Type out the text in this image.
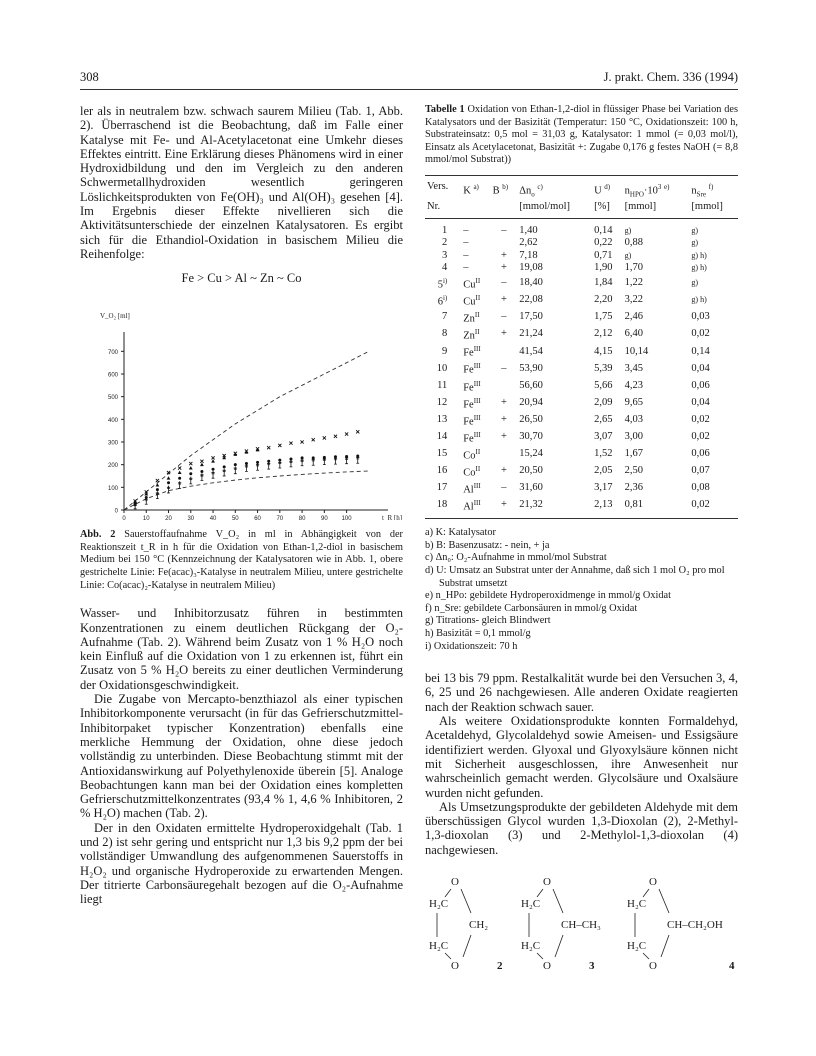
308	J. prakt. Chem. 336 (1994)

ler als in neutralem bzw. schwach saurem Milieu (Tab. 1, Abb. 2). Überraschend ist die Beobachtung, daß im Falle einer Katalyse mit Fe- und Al-Acetylacetonat eine Umkehr dieses Effektes eintritt. Eine Erklärung dieses Phänomens wird in einer Hydroxidbildung und den im Vergleich zu den anderen Schwermetallhydroxiden wesentlich geringeren Löslichkeitsprodukten von Fe(OH)₃ und Al(OH)₃ gesehen [4]. Im Ergebnis dieser Effekte nivellieren sich die Aktivitätsunterschiede der einzelnen Katalysatoren. Es ergibt sich für die Ethandiol-Oxidation in basischem Milieu die Reihenfolge:

Fe > Cu > Al ~ Zn ~ Co
0
100
200
300
400
500
600
700
0	10	20	30	40	50	60	70	80	90 100
V_O₂ [ml]
t_R [h]

Abb. 2 Sauerstoffaufnahme V_O₂ in ml in Abhängigkeit von der Reaktionszeit t_R in h für die Oxidation von Ethan-1,2-diol in basischem Medium bei 150 °C (Kennzeichnung der Katalysatoren wie in Abb. 1, obere gestrichelte Linie: Fe(acac)₃-Katalyse in neutralem Milieu, untere gestrichelte Linie: Co(acac)₂-Katalyse in neutralem Milieu)

Wasser- und Inhibitorzusatz führen in bestimmten Konzentrationen zu einem deutlichen Rückgang der O₂-Aufnahme (Tab. 2). Während beim Zusatz von 1 % H₂O noch kein Einfluß auf die Oxidation von 1 zu erkennen ist, führt ein Zusatz von 5 % H₂O bereits zu einer deutlichen Verminderung der Oxidationsgeschwindigkeit.

Die Zugabe von Mercapto-benzthiazol als einer typischen Inhibitorkomponente verursacht (in für das Gefrierschutzmittel-Inhibitorpaket typischer Konzentration) ebenfalls eine merkliche Hemmung der Oxidation, ohne diese jedoch vollständig zu unterbinden. Diese Beobachtung stimmt mit der Antioxidanswirkung auf Polyethylenoxide überein [5]. Analoge Beobachtungen kann man bei der Oxidation eines kompletten Gefrierschutzmittelkonzentrates (93,4 % 1, 4,6 % Inhibitoren, 2 % H₂O) machen (Tab. 2).

Der in den Oxidaten ermittelte Hydroperoxidgehalt (Tab. 1 und 2) ist sehr gering und entspricht nur 1,3 bis 9,2 ppm der bei vollständiger Umwandlung des aufgenommenen Sauerstoffs in H₂O₂ und organische Hydroperoxide zu erwartenden Mengen. Der titrierte Carbonsäuregehalt bezogen auf die O₂-Aufnahme liegt

Tabelle 1 Oxidation von Ethan-1,2-diol in flüssiger Phase bei Variation des Katalysators und der Basizität (Temperatur: 150 °C, Oxidationszeit: 100 h, Substrateinsatz: 0,5 mol = 31,03 g, Katalysator: 1 mmol (= 0,03 mol/l), Einsatz als Acetylacetonat, Basizität +: Zugabe 0,176 g festes NaOH (= 8,8 mmol/mol Substrat))

Vers.	K $^{a)}$	B $^{b)}$	$\Delta n_o$ $^{c)}$	U $^{d)}$	$n_{HPO}\cdot 10^3$ $^{e)}$	$n_{Sre}$ $^{f)}$
Nr.			[mmol/mol]	[%]	[mmol]	[mmol]
1	–	–	1,40	0,14	g)	g)
2	–		2,62	0,22	0,88	g)
3	–	+	7,18	0,71	g)	g) h)
4	–	+	19,08	1,90	1,70	g) h)
5$^{i)}$	$Cu^{II}$	–	18,40	1,84	1,22	g)
6$^{i)}$	$Cu^{II}$	+	22,08	2,20	3,22	g) h)
7	$Zn^{II}$	–	17,50	1,75	2,46	0,03
8	$Zn^{II}$	+	21,24	2,12	6,40	0,02
9	$Fe^{III}$		41,54	4,15	10,14	0,14
10	$Fe^{III}$	–	53,90	5,39	3,45	0,04
11	$Fe^{III}$		56,60	5,66	4,23	0,06
12	$Fe^{III}$	+	20,94	2,09	9,65	0,04
13	$Fe^{III}$	+	26,50	2,65	4,03	0,02
14	$Fe^{III}$	+	30,70	3,07	3,00	0,02
15	$Co^{II}$		15,24	1,52	1,67	0,06
16	$Co^{II}$	+	20,50	2,05	2,50	0,07
17	$Al^{III}$	–	31,60	3,17	2,36	0,08
18	$Al^{III}$	+	21,32	2,13	0,81	0,02
a) K: Katalysator
b) B: Basenzusatz: - nein, + ja
c) Δn₀: O₂-Aufnahme in mmol/mol Substrat
d) U: Umsatz an Substrat unter der Annahme, daß sich 1 mol O₂ pro mol Substrat umsetzt
e) n_HPo: gebildete Hydroperoxidmenge in mmol/g Oxidat
f) n_Sre: gebildete Carbonsäuren in mmol/g Oxidat
g) Titrations- gleich Blindwert
h) Basizität = 0,1 mmol/g
i) Oxidationszeit: 70 h

bei 13 bis 79 ppm. Restalkalität wurde bei den Versuchen 3, 4, 6, 25 und 26 nachgewiesen. Alle anderen Oxidate reagierten nach der Reaktion schwach sauer.

Als weitere Oxidationsprodukte konnten Formaldehyd, Acetaldehyd, Glycolaldehyd sowie Ameisen- und Essigsäure identifiziert werden. Glyoxal und Glyoxylsäure können nicht mit Sicherheit ausgeschlossen, ihre Anwesenheit nur wahrscheinlich gemacht werden. Glycolsäure und Oxalsäure wurden nicht gefunden.

Als Umsetzungsprodukte der gebildeten Aldehyde mit dem überschüssigen Glycol wurden 1,3-Dioxolan (2), 2-Methyl-1,3-dioxolan (3) und 2-Methylol-1,3-dioxolan (4) nachgewiesen.

O
H₂C
H₂C
O
CH₂
2
O
H₂C
H₂C
O
CH–CH₃
3
O
H₂C
H₂C
O
CH–CH₂OH
4
